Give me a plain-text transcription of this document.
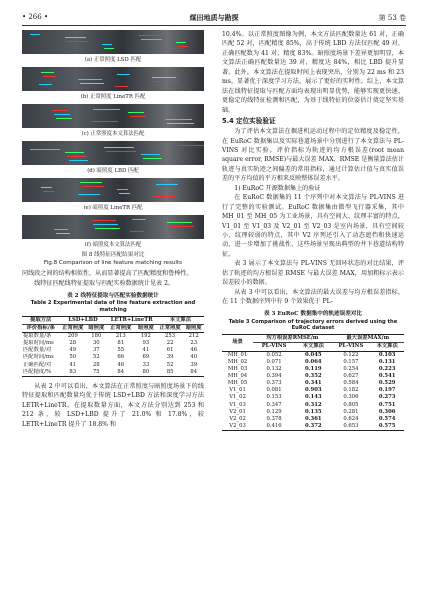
• 266 •	煤田地质与勘探	第 53 卷
(a) 正常照度 LSD 匹配
(b) 正常照度 LineTR 匹配
(c) 正常照度本文算法匹配
(d) 暗照度 LBD 匹配
(e) 暗照度 LineTR 匹配
(f) 暗照度本文算法匹配
图 8 线特征匹配结果对比
Fig.8 Comparison of line feature matching results

同线段之间的结构相似性，从而显著提高了匹配精度和鲁棒性。

线特征匹配线特征提取与匹配实验数据统计见表 2。

表 2 线特征提取与匹配实验数据统计
Table 2 Experimental data of line feature extraction and matching
提取方法	LSD+LBD		LETR+LineTR		本文算法	
评价指标/条	正常照度	暗照度	正常照度	暗照度	正常照度	暗照度
提取数量/条	209	180	213	192	253	212
提取时间/ms	28	30	81	93	22	23
匹配数量/对	49	37	55	41	61	46
匹配时间/ms	50	52	66	69	39	40
正确匹配/对	41	28	46	33	52	39
匹配精度/%	83	75	84	80	85	84

从表 2 中可以看出，本文算法在正常照度与暗照度场景下的线特征提取和匹配数量均优于传统 LSD+LBD 方法和深度学习方法 LETR+LineTR。在提取数量方面，本文方法分别达到 253 和 212 条，较 LSD+LBD 提升了 21.0% 和 17.8%，较 LETR+LineTR 提升了 18.8% 和

10.4%。以正常照度图像为例，本文方法匹配数量达 61 对，正确匹配 52 对，匹配精度 85%，高于传统 LBD 方法仅匹配 49 对，正确匹配数为 41 对，精度 83%。暗照度场景下差异更加明显，本文算法正确匹配数量达 39 对，精度达 84%，相比 LBD 提升显著。此外，本文算法在提取时间上表现突出，分别为 22 ms 和 23 ms，显著优于深度学习方法，展示了更好的实时性。综上，本文算法在线特征提取与匹配方面均表现出明显优势，能够实现更快速、更稳定的线特征检测和匹配，为基于线特征的位姿估计奠定坚实基础。

5.4 定位实验验证

为了评估本文算法在掘进机运动过程中的定位精度及稳定性，在 EuRoC 数据集以及实际巷道场景中分别进行了本文算法与 PL-VINS 对比实验。评价指标为轨迹的均方根误差(root mean square error, RMSE)与最大误差 MAX，RMSE 是衡量算法估计轨迹与真实轨迹之间偏差的常用指标，通过计算估计值与真实值误差的平方均值的平方根来反映整体误差水平。

1) EuRoC 开源数据集上的验证

在 EuRoC 数据集的 11 个序列中对本文算法与 PL-VINS 进行了完整的实验测试。EuRoC 数据集由微型飞行器采集，其中 MH_01 至 MH_05 为工业场景，具有空间大、纹理丰富的特点，V1_01 至 V1_03 及 V2_01 至 V2_03 是室内场景，具有空间较小、纹理较弱的特点，其中 V2 序列还引入了动态遮挡和快速运动，进一步增加了挑战性，这些场景呈现出典型的井下巷道结构特征。

表 3 展示了本文算法与 PL-VINS 无回环状态的对比结果，评估了轨迹的均方根误差 RMSE 与最大误差 MAX，用加粗标示表示误差较小的数据。

从表 3 中可以看出，本文算法的最大误差与均方根误差指标，在 11 个数据序列中有 9 个效果优于 PL-

表 3 EuRoC 数据集中的轨迹误差对比
Table 3 Comparison of trajectory errors derived using the EuRoC dataset
场景	均方根误差RMSE/m		最大误差MAX/m	
	PL-VINS	本文算法	PL-VINS	本文算法
MH_01	0.052	0.045	0.122	0.103
MH_02	0.071	0.064	0.157	0.131
MH_03	0.132	0.119	0.254	0.223
MH_04	0.394	0.352	0.627	0.541
MH_05	0.373	0.341	0.584	0.529
V1_01	0.081	0.903	0.182	0.197
V1_02	0.153	0.143	0.306	0.273
V1_03	0.347	0.312	0.805	0.751
V2_01	0.129	0.135	0.281	0.306
V2_02	0.378	0.361	0.624	0.574
V2_03	0.416	0.372	0.653	0.575
